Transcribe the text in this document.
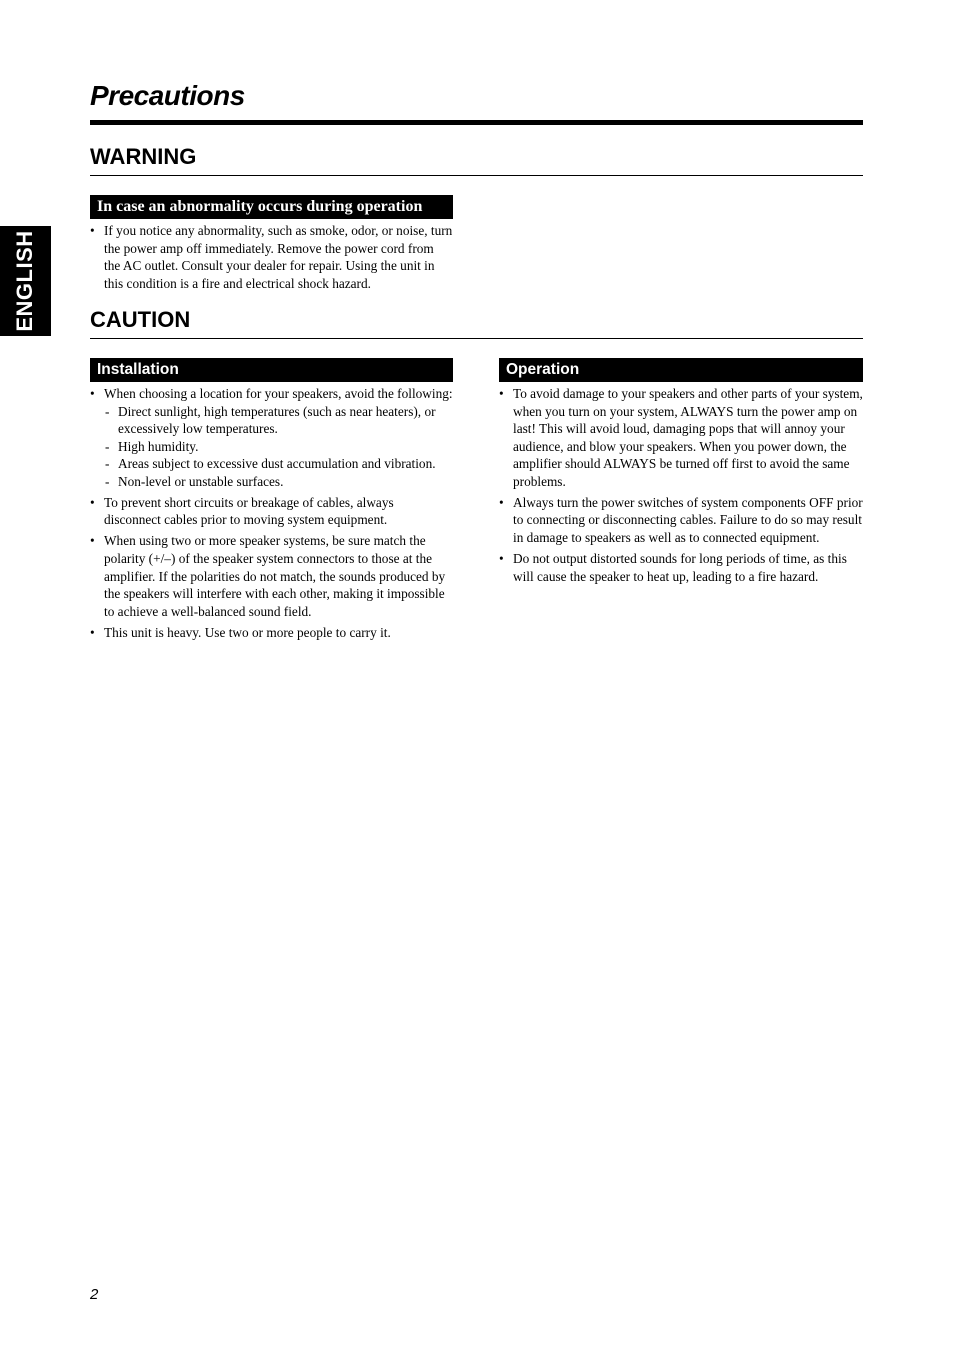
ENGLISH
Precautions
WARNING
In case an abnormality occurs during operation
• If you notice any abnormality, such as smoke, odor, or noise, turn the power amp off immediately. Remove the power cord from the AC outlet. Consult your dealer for repair. Using the unit in this condition is a fire and electrical shock hazard.
CAUTION
Installation
• When choosing a location for your speakers, avoid the following:
- Direct sunlight, high temperatures (such as near heaters), or excessively low temperatures.
- High humidity.
- Areas subject to excessive dust accumulation and vibration.
- Non-level or unstable surfaces.
• To prevent short circuits or breakage of cables, always disconnect cables prior to moving system equipment.
• When using two or more speaker systems, be sure match the polarity (+/–) of the speaker system connectors to those at the amplifier. If the polarities do not match, the sounds produced by the speakers will interfere with each other, making it impossible to achieve a well-balanced sound field.
• This unit is heavy. Use two or more people to carry it.
Operation
• To avoid damage to your speakers and other parts of your system, when you turn on your system, ALWAYS turn the power amp on last! This will avoid loud, damaging pops that will annoy your audience, and blow your speakers. When you power down, the amplifier should ALWAYS be turned off first to avoid the same problems.
• Always turn the power switches of system components OFF prior to connecting or disconnecting cables. Failure to do so may result in damage to speakers as well as to connected equipment.
• Do not output distorted sounds for long periods of time, as this will cause the speaker to heat up, leading to a fire hazard.
2
